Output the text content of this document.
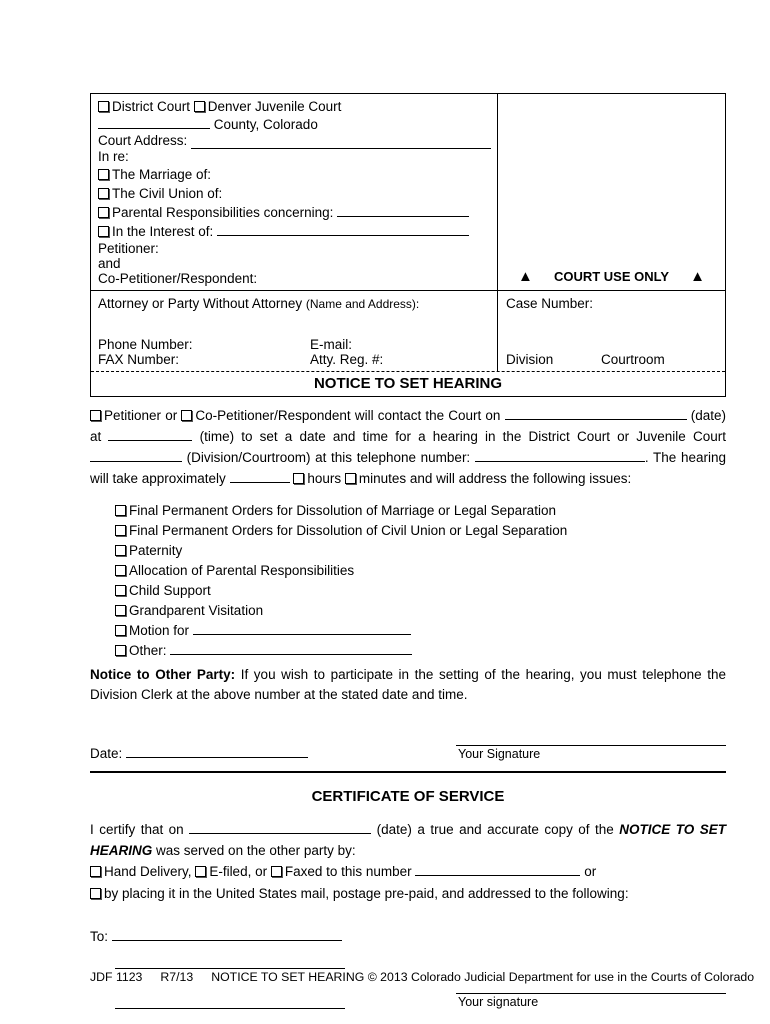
District Court Denver Juvenile Court
County, Colorado
Court Address:
In re:
The Marriage of:
The Civil Union of:
Parental Responsibilities concerning:
In the Interest of:
Petitioner:
and
Co-Petitioner/Respondent:	▲ COURT USE ONLY ▲
Attorney or Party Without Attorney (Name and Address):
Phone Number:	E-mail:
FAX Number:	Atty. Reg. #:
Case Number:
Division	Courtroom
NOTICE TO SET HEARING
Petitioner or Co-Petitioner/Respondent will contact the Court on	(date) at	(time) to set a date and time for a hearing in the District Court or Juvenile Court  (Division/Courtroom) at this telephone number:	. The hearing will take approximately	hours minutes and will address the following issues:
Final Permanent Orders for Dissolution of Marriage or Legal Separation
Final Permanent Orders for Dissolution of Civil Union or Legal Separation
Paternity
Allocation of Parental Responsibilities
Child Support
Grandparent Visitation
Motion for
Other:
Notice to Other Party: If you wish to participate in the setting of the hearing, you must telephone the Division Clerk at the above number at the stated date and time.
Date:	Your Signature
CERTIFICATE OF SERVICE
I certify that on	(date) a true and accurate copy of the NOTICE TO SET HEARING was served on the other party by:
Hand Delivery, E-filed, or Faxed to this number	or
by placing it in the United States mail, postage pre-paid, and addressed to the following:
To:
Your signature
JDF 1123 R7/13 NOTICE TO SET HEARING © 2013 Colorado Judicial Department for use in the Courts of Colorado
